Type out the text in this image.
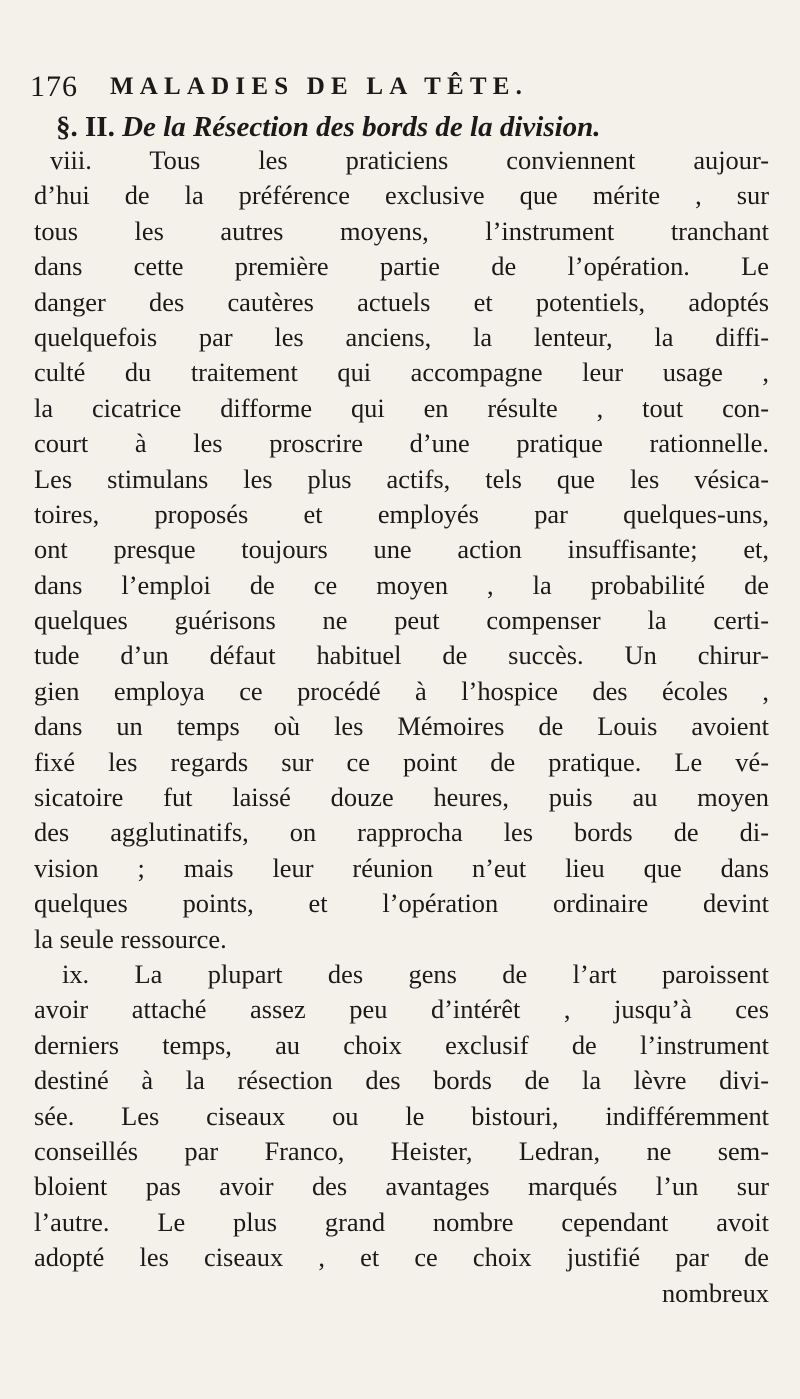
176 MALADIES DE LA TÊTE.
§. II. De la Résection des bords de la division.
viii. Tous les praticiens conviennent aujour-
d’hui de la préférence exclusive que mérite , sur
tous les autres moyens, l’instrument tranchant
dans cette première partie de l’opération. Le
danger des cautères actuels et potentiels, adoptés
quelquefois par les anciens, la lenteur, la diffi-
culté du traitement qui accompagne leur usage ,
la cicatrice difforme qui en résulte , tout con-
court à les proscrire d’une pratique rationnelle.
Les stimulans les plus actifs, tels que les vésica-
toires, proposés et employés par quelques-uns,
ont presque toujours une action insuffisante; et,
dans l’emploi de ce moyen , la probabilité de
quelques guérisons ne peut compenser la certi-
tude d’un défaut habituel de succès. Un chirur-
gien employa ce procédé à l’hospice des écoles ,
dans un temps où les Mémoires de Louis avoient
fixé les regards sur ce point de pratique. Le vé-
sicatoire fut laissé douze heures, puis au moyen
des agglutinatifs, on rapprocha les bords de di-
vision ; mais leur réunion n’eut lieu que dans
quelques points, et l’opération ordinaire devint
la seule ressource.
ix. La plupart des gens de l’art paroissent
avoir attaché assez peu d’intérêt , jusqu’à ces
derniers temps, au choix exclusif de l’instrument
destiné à la résection des bords de la lèvre divi-
sée. Les ciseaux ou le bistouri, indifféremment
conseillés par Franco, Heister, Ledran, ne sem-
bloient pas avoir des avantages marqués l’un sur
l’autre. Le plus grand nombre cependant avoit
adopté les ciseaux , et ce choix justifié par de
nombreux
